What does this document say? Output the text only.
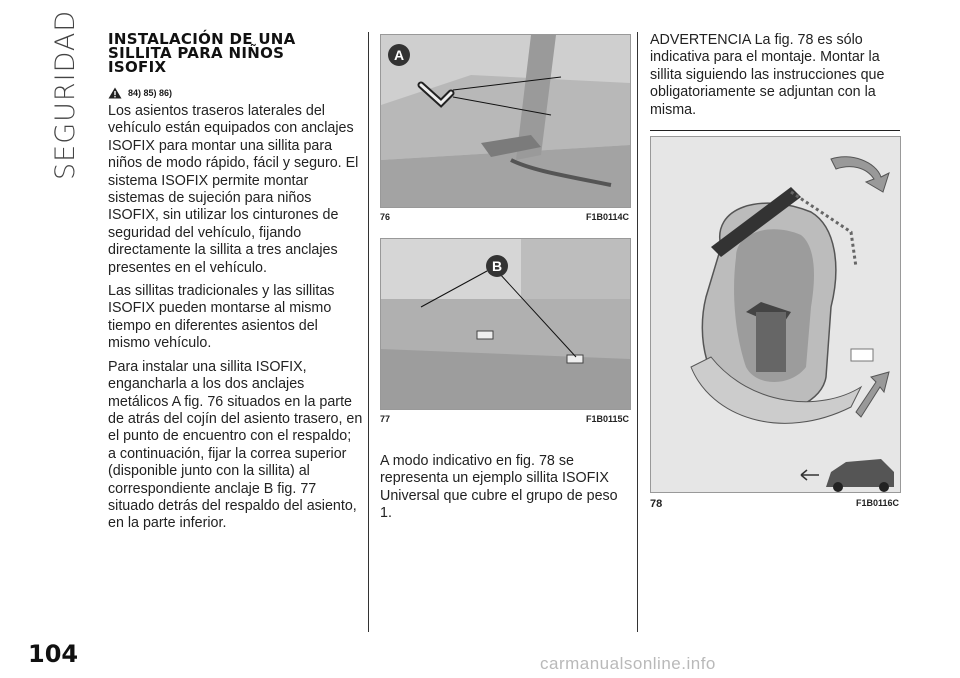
SEGURIDAD
104
INSTALACIÓN DE UNA
SILLITA PARA NIÑOS
ISOFIX
84) 85) 86)

Los asientos traseros laterales del vehículo están equipados con anclajes ISOFIX para montar una sillita para niños de modo rápido, fácil y seguro. El sistema ISOFIX permite montar sistemas de sujeción para niños ISOFIX, sin utilizar los cinturones de seguridad del vehículo, fijando directamente la sillita a tres anclajes presentes en el vehículo.

Las sillitas tradicionales y las sillitas ISOFIX pueden montarse al mismo tiempo en diferentes asientos del mismo vehículo.

Para instalar una sillita ISOFIX, engancharla a los dos anclajes metálicos A fig. 76 situados en la parte de atrás del cojín del asiento trasero, en el punto de encuentro con el respaldo; a continuación, fijar la correa superior (disponible junto con la sillita) al correspondiente anclaje B fig. 77 situado detrás del respaldo del asiento, en la parte inferior.

A
76	F1B0114C
B
77	F1B0115C
A modo indicativo en fig. 78 se representa un ejemplo sillita ISOFIX Universal que cubre el grupo de peso 1.
ADVERTENCIA La fig. 78 es sólo indicativa para el montaje. Montar la sillita siguiendo las instrucciones que obligatoriamente se adjuntan con la misma.
78	F1B0116C
carmanualsonline.info
